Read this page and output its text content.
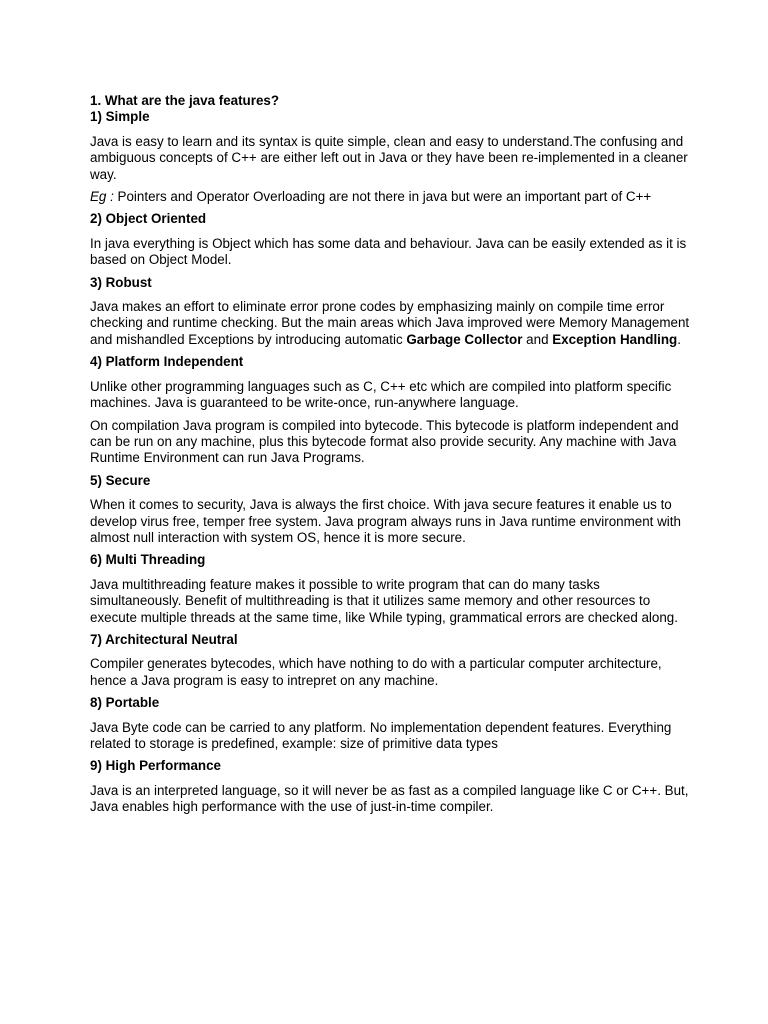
1. What are the java features?
1) Simple

Java is easy to learn and its syntax is quite simple, clean and easy to understand.The confusing and ambiguous concepts of C++ are either left out in Java or they have been re-implemented in a cleaner way.

Eg : Pointers and Operator Overloading are not there in java but were an important part of C++

2) Object Oriented

In java everything is Object which has some data and behaviour. Java can be easily extended as it is based on Object Model.

3) Robust

Java makes an effort to eliminate error prone codes by emphasizing mainly on compile time error checking and runtime checking. But the main areas which Java improved were Memory Management and mishandled Exceptions by introducing automatic Garbage Collector and Exception Handling.

4) Platform Independent

Unlike other programming languages such as C, C++ etc which are compiled into platform specific machines. Java is guaranteed to be write-once, run-anywhere language.

On compilation Java program is compiled into bytecode. This bytecode is platform independent and can be run on any machine, plus this bytecode format also provide security. Any machine with Java Runtime Environment can run Java Programs.

5) Secure

When it comes to security, Java is always the first choice. With java secure features it enable us to develop virus free, temper free system. Java program always runs in Java runtime environment with almost null interaction with system OS, hence it is more secure.

6) Multi Threading

Java multithreading feature makes it possible to write program that can do many tasks simultaneously. Benefit of multithreading is that it utilizes same memory and other resources to execute multiple threads at the same time, like While typing, grammatical errors are checked along.

7) Architectural Neutral

Compiler generates bytecodes, which have nothing to do with a particular computer architecture, hence a Java program is easy to intrepret on any machine.

8) Portable

Java Byte code can be carried to any platform. No implementation dependent features. Everything related to storage is predefined, example: size of primitive data types

9) High Performance

Java is an interpreted language, so it will never be as fast as a compiled language like C or C++. But, Java enables high performance with the use of just-in-time compiler.
